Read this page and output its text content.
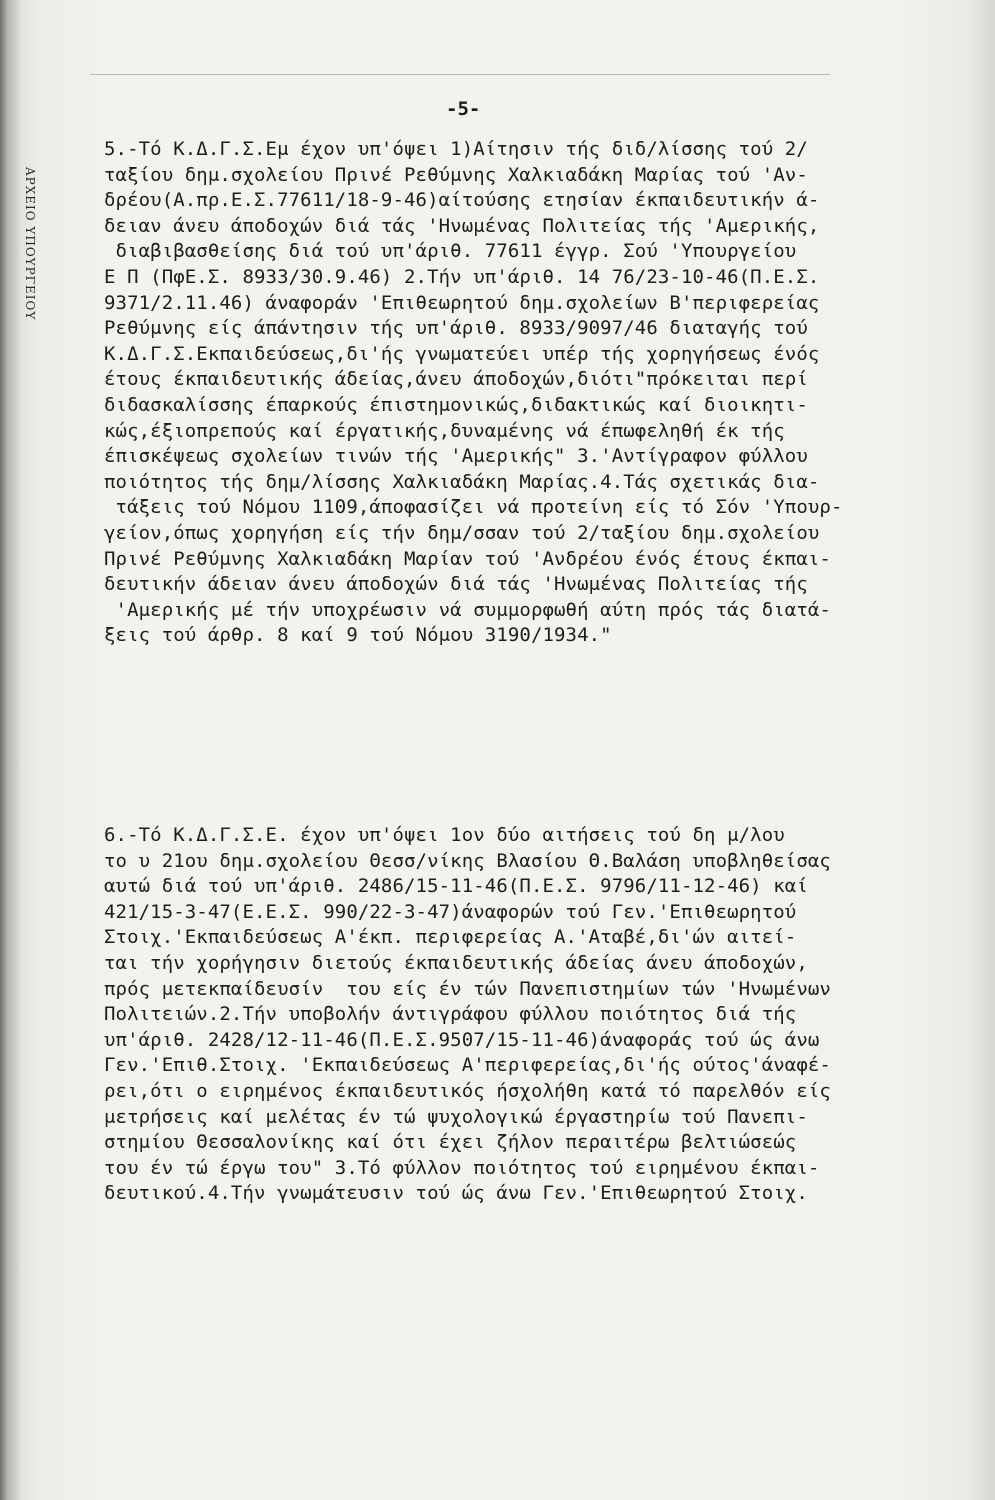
ΑΡΧΕΙΟ ΥΠΟΥΡΓΕΙΟΥ
-5-
5.-Τό Κ.Δ.Γ.Σ.Εμ έχον υπ'όψει 1)Αίτησιν τής διδ/λίσσης τού 2/
ταξίου δημ.σχολείου Πρινέ Ρεθύμνης Χαλκιαδάκη Μαρίας τού 'Αν-
δρέου(Α.πρ.Ε.Σ.77611/18-9-46)αίτούσης ετησίαν έκπαιδευτικήν ά-
δειαν άνευ άποδοχών διά τάς 'Ηνωμένας Πολιτείας τής 'Αμερικής,
διαβιβασθείσης διά τού υπ'άριθ. 77611 έγγρ. Σού 'Υπουργείου
Ε Π (ΠφΕ.Σ. 8933/30.9.46) 2.Τήν υπ'άριθ. 14 76/23-10-46(Π.Ε.Σ.
9371/2.11.46) άναφοράν 'Επιθεωρητού δημ.σχολείων Β'περιφερείας
Ρεθύμνης είς άπάντησιν τής υπ'άριθ. 8933/9097/46 διαταγής τού
Κ.Δ.Γ.Σ.Εκπαιδεύσεως,δι'ής γνωματεύει υπέρ τής χορηγήσεως ένός
έτους έκπαιδευτικής άδείας,άνευ άποδοχών,διότι"πρόκειται περί
διδασκαλίσσης έπαρκούς έπιστημονικώς,διδακτικώς καί διοικητι-
κώς,έξιοπρεπούς καί έργατικής,δυναμένης νά έπωφεληθή έκ τής
έπισκέψεως σχολείων τινών τής 'Αμερικής" 3.'Αντίγραφον φύλλου
ποιότητος τής δημ/λίσσης Χαλκιαδάκη Μαρίας.4.Τάς σχετικάς δια-
τάξεις τού Νόμου 1109,άποφασίζει νά προτείνη είς τό Σόν 'Υπουρ-
γείον,όπως χορηγήση είς τήν δημ/σσαν τού 2/ταξίου δημ.σχολείου
Πρινέ Ρεθύμνης Χαλκιαδάκη Μαρίαν τού 'Ανδρέου ένός έτους έκπαι-
δευτικήν άδειαν άνευ άποδοχών διά τάς 'Ηνωμένας Πολιτείας τής
'Αμερικής μέ τήν υποχρέωσιν νά συμμορφωθή αύτη πρός τάς διατά-
ξεις τού άρθρ. 8 καί 9 τού Νόμου 3190/1934."
6.-Τό Κ.Δ.Γ.Σ.Ε. έχον υπ'όψει 1ον δύο αιτήσεις τού δη μ/λου
το υ 21ου δημ.σχολείου Θεσσ/νίκης Βλασίου Θ.Βαλάση υποβληθείσας
αυτώ διά τού υπ'άριθ. 2486/15-11-46(Π.Ε.Σ. 9796/11-12-46) καί
421/15-3-47(Ε.Ε.Σ. 990/22-3-47)άναφορών τού Γεν.'Επιθεωρητού
Στοιχ.'Εκπαιδεύσεως Α'έκπ. περιφερείας Α.'Αταβέ,δι'ών αιτεί-
ται τήν χορήγησιν διετούς έκπαιδευτικής άδείας άνευ άποδοχών,
πρός μετεκπαίδευσίν  του είς έν τών Πανεπιστημίων τών 'Ηνωμένων
Πολιτειών.2.Τήν υποβολήν άντιγράφου φύλλου ποιότητος διά τής
υπ'άριθ. 2428/12-11-46(Π.Ε.Σ.9507/15-11-46)άναφοράς τού ώς άνω
Γεν.'Επιθ.Στοιχ. 'Εκπαιδεύσεως Α'περιφερείας,δι'ής ούτος'άναφέ-
ρει,ότι ο ειρημένος έκπαιδευτικός ήσχολήθη κατά τό παρελθόν είς
μετρήσεις καί μελέτας έν τώ ψυχολογικώ έργαστηρίω τού Πανεπι-
στημίου Θεσσαλονίκης καί ότι έχει ζήλον περαιτέρω βελτιώσεώς
του έν τώ έργω του" 3.Τό φύλλον ποιότητος τού ειρημένου έκπαι-
δευτικού.4.Τήν γνωμάτευσιν τού ώς άνω Γεν.'Επιθεωρητού Στοιχ.
